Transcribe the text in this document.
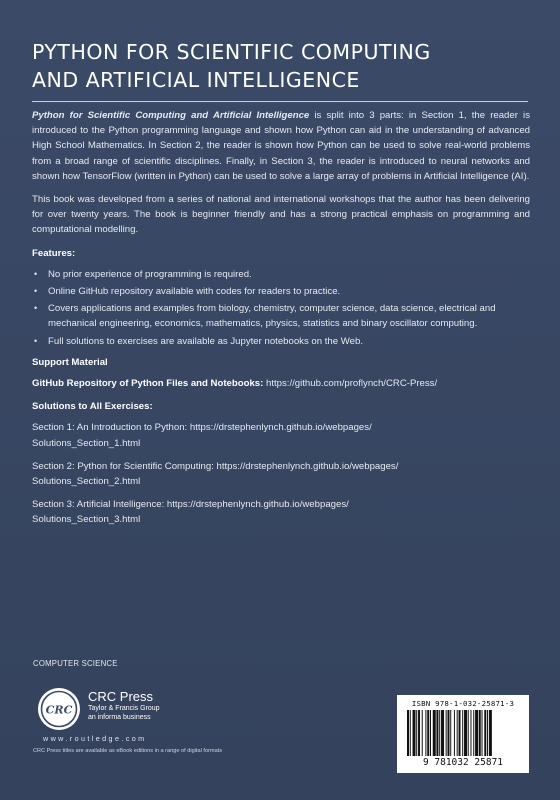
PYTHON FOR SCIENTIFIC COMPUTING
AND ARTIFICIAL INTELLIGENCE

Python for Scientific Computing and Artificial Intelligence is split into 3 parts: in Section 1, the reader is introduced to the Python programming language and shown how Python can aid in the understanding of advanced High School Mathematics. In Section 2, the reader is shown how Python can be used to solve real-world problems from a broad range of scientific disciplines. Finally, in Section 3, the reader is introduced to neural networks and shown how TensorFlow (written in Python) can be used to solve a large array of problems in Artificial Intelligence (AI).

This book was developed from a series of national and international workshops that the author has been delivering for over twenty years. The book is beginner friendly and has a strong practical emphasis on programming and computational modelling.

Features:
• No prior experience of programming is required.
• Online GitHub repository available with codes for readers to practice.
• Covers applications and examples from biology, chemistry, computer science, data science, electrical and mechanical engineering, economics, mathematics, physics, statistics and binary oscillator computing.
• Full solutions to exercises are available as Jupyter notebooks on the Web.
Support Material
GitHub Repository of Python Files and Notebooks: https://github.com/proflynch/CRC-Press/
Solutions to All Exercises:
Section 1: An Introduction to Python: https://drstephenlynch.github.io/webpages/
Solutions_Section_1.html
Section 2: Python for Scientific Computing: https://drstephenlynch.github.io/webpages/
Solutions_Section_2.html
Section 3: Artificial Intelligence: https://drstephenlynch.github.io/webpages/
Solutions_Section_3.html
COMPUTER SCIENCE
CRC
CRC Press
Taylor & Francis Group
an informa business
www.routledge.com
CRC Press titles are available as eBook editions in a range of digital formats
ISBN 978-1-032-25871-3
9 781032 25871
